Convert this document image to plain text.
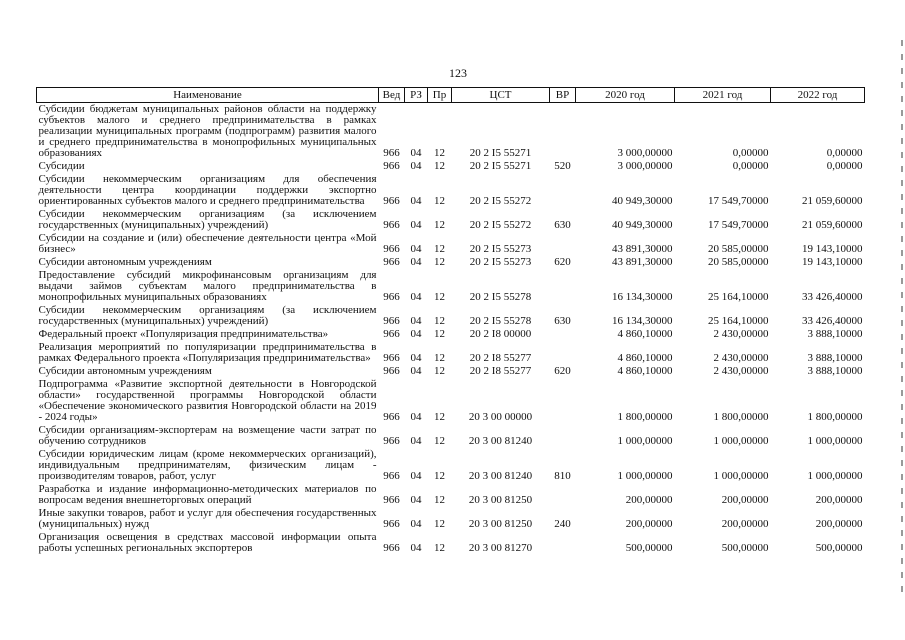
123
Наименование	Вед	РЗ	Пр	ЦСТ	ВР	2020 год	2021 год	2022 год
Субсидии бюджетам муниципальных районов области на поддержку субъектов малого и среднего предпринимательства в рамках реализации муниципальных программ (подпрограмм) развития малого и среднего предпринимательства в монопрофильных муниципальных образованиях	966	04	12	20 2 I5 55271		3 000,00000	0,00000	0,00000
Субсидии	966	04	12	20 2 I5 55271	520	3 000,00000	0,00000	0,00000
Субсидии некоммерческим организациям для обеспечения деятельности центра координации поддержки экспортно ориентированных субъектов малого и среднего предпринимательства	966	04	12	20 2 I5 55272		40 949,30000	17 549,70000	21 059,60000
Субсидии некоммерческим организациям (за исключением государственных (муниципальных) учреждений)	966	04	12	20 2 I5 55272	630	40 949,30000	17 549,70000	21 059,60000
Субсидии на создание и (или) обеспечение деятельности центра «Мой бизнес»	966	04	12	20 2 I5 55273		43 891,30000	20 585,00000	19 143,10000
Субсидии автономным учреждениям	966	04	12	20 2 I5 55273	620	43 891,30000	20 585,00000	19 143,10000
Предоставление субсидий микрофинансовым организациям для выдачи займов субъектам малого предпринимательства в монопрофильных муниципальных образованиях	966	04	12	20 2 I5 55278		16 134,30000	25 164,10000	33 426,40000
Субсидии некоммерческим организациям (за исключением государственных (муниципальных) учреждений)	966	04	12	20 2 I5 55278	630	16 134,30000	25 164,10000	33 426,40000
Федеральный проект «Популяризация предпринимательства»	966	04	12	20 2 I8 00000		4 860,10000	2 430,00000	3 888,10000
Реализация мероприятий по популяризации предпринимательства в рамках Федерального проекта «Популяризация предпринимательства»	966	04	12	20 2 I8 55277		4 860,10000	2 430,00000	3 888,10000
Субсидии автономным учреждениям	966	04	12	20 2 I8 55277	620	4 860,10000	2 430,00000	3 888,10000
Подпрограмма «Развитие экспортной деятельности в Новгородской области» государственной программы Новгородской области «Обеспечение экономического развития Новгородской области на 2019 - 2024 годы»	966	04	12	20 3 00 00000		1 800,00000	1 800,00000	1 800,00000
Субсидии организациям-экспортерам на возмещение части затрат по обучению сотрудников	966	04	12	20 3 00 81240		1 000,00000	1 000,00000	1 000,00000
Субсидии юридическим лицам (кроме некоммерческих организаций), индивидуальным предпринимателям, физическим лицам - производителям товаров, работ, услуг	966	04	12	20 3 00 81240	810	1 000,00000	1 000,00000	1 000,00000
Разработка и издание информационно-методических материалов по вопросам ведения внешнеторговых операций	966	04	12	20 3 00 81250		200,00000	200,00000	200,00000
Иные закупки товаров, работ и услуг для обеспечения государственных (муниципальных) нужд	966	04	12	20 3 00 81250	240	200,00000	200,00000	200,00000
Организация освещения в средствах массовой информации опыта работы успешных региональных экспортеров	966	04	12	20 3 00 81270		500,00000	500,00000	500,00000
